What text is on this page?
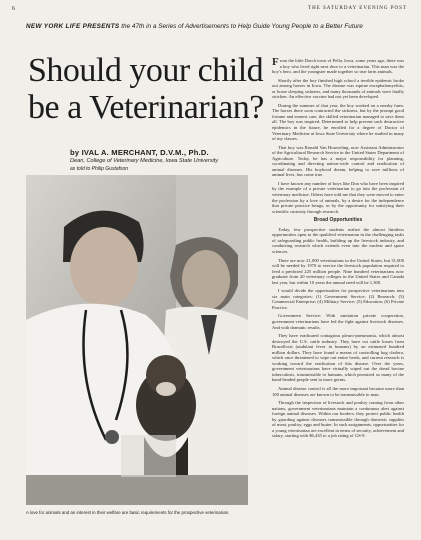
6	THE SATURDAY EVENING POST
NEW YORK LIFE PRESENTS the 47th in a Series of Advertisements to Help Guide Young People to a Better Future
Should your child
be a Veterinarian?
by IVAL A. MERCHANT, D.V.M., Ph.D.
Dean, College of Veterinary Medicine, Iowa State University
as told to Philip Gustafson
A love for animals and an interest in their welfare are basic requirements for the prospective veterinarian.

From the little Dutch town of Pella, Iowa, some years ago, there was a boy who lived right next door to a veterinarian. This man was the boy's hero, and the youngster made together so true farm animals.

Shortly after the boy finished high school a terrible epidemic broke out among horses in Iowa. The disease was equine encephalomyelitis, or horse sleeping sickness, and many thousands of animals were fatally stricken. An effective vaccine had not yet been developed.

During the summer of that year, the boy worked on a nearby farm. The horses there soon contracted the sickness, but by the prompt good fortune and earnest care, the skilled veterinarian managed to save them all. The boy was inspired. Determined to help prevent such destructive epidemics in the future, he enrolled for a degree of Doctor of Veterinary Medicine at Iowa State University where he studied in many of my classes.

That boy was Ronald Van Houweling, now Assistant Administrator of the Agricultural Research Service in the United States Department of Agriculture. Today, he has a major responsibility for planning, coordinating and directing nation-wide control and eradication of animal diseases. His boyhood dream, helping to save millions of animal lives, has come true.

I have known any number of boys like Don who have been inspired by the example of a private veterinarian to go into the profession of veterinary medicine. Others have told me that they were moved to enter the profession by a love of animals, by a desire for the independence that private practice brings, or by the opportunity for satisfying their scientific curiosity through research.

Broad Opportunities

Today, few prospective students realize the almost limitless opportunities open to the qualified veterinarian in the challenging tasks of safeguarding public health, building up the livestock industry, and conducting research which extends even into the nuclear and space sciences.

There are now 21,000 veterinarians in the United States, but 31,000 will be needed by 1970 to service the livestock population required to feed a predicted 225 million people. Nine hundred veterinarians now graduate from 20 veterinary colleges in the United States and Canada last year, but within 10 years the annual need will be 1,300.

I would divide the opportunities for prospective veterinarians into six main categories: (1) Government Service; (2) Research; (3) Commercial Enterprise; (4) Military Service; (5) Education; (6) Private Practice.

Government Service: With sanitation private cooperation, government veterinarians have led the fight against livestock diseases. And with dramatic results.

They have eradicated contagious pleuro-pneumonia, which almost destroyed the U.S. cattle industry. They have cut cattle losses from Brucellosis (undulant fever in humans) by an estimated hundred million dollars. They have found a means of controlling hog cholera, which once threatened to wipe out entire herds, and current research is working toward the eradication of this disease. Over the years, government veterinarians have virtually wiped out the dread bovine tuberculosis, transmissible to humans, which promised so many of the hand-headed people sent to more germs.

Animal disease control is all the more important because more than 100 animal diseases are known to be transmissible to man.

Through the inspection of livestock and poultry coming from other nations, government veterinarians maintain a continuous alert against foreign animal diseases. Within our borders, they protect public health by guarding against diseases transmissible through domestic supplies of meat, poultry, eggs and butter. In such assignments, opportunities for a young veterinarian are excellent in terms of security, achievement and salary, starting with $6,435 to a job rating of GS-9.
